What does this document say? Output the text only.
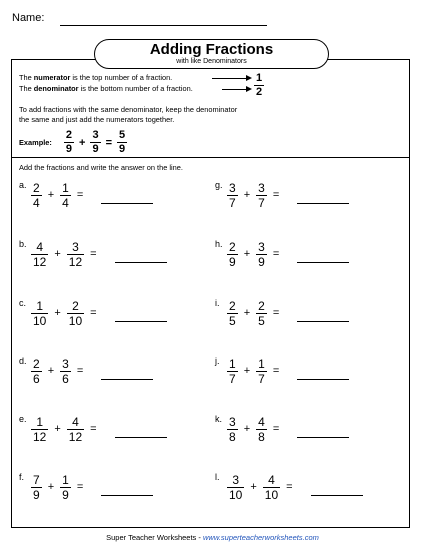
Name:
Adding Fractions
with like Denominators
The numerator is the top number of a fraction.
The denominator is the bottom number of a fraction.	$\frac{1}{2}$
To add fractions with the same denominator, keep the denominator
the same and just add the numerators together.
Example: $\frac{2}{9} + \frac{3}{9} = \frac{5}{9}$
Add the fractions and write the answer on the line.
a. $\frac{2}{4} + \frac{1}{4}$ =
b. $\frac{4}{12} + \frac{3}{12}$ =
c. $\frac{1}{10} + \frac{2}{10}$ =
d. $\frac{2}{6} + \frac{3}{6}$ =
e. $\frac{1}{12} + \frac{4}{12}$ =
f. $\frac{7}{9} + \frac{1}{9}$ =
g. $\frac{3}{7} + \frac{3}{7}$ =
h. $\frac{2}{9} + \frac{3}{9}$ =
i. $\frac{2}{5} + \frac{2}{5}$ =
j. $\frac{1}{7} + \frac{1}{7}$ =
k. $\frac{3}{8} + \frac{4}{8}$ =
l. $\frac{3}{10} + \frac{4}{10}$ =
Super Teacher Worksheets - www.superteacherworksheets.com
